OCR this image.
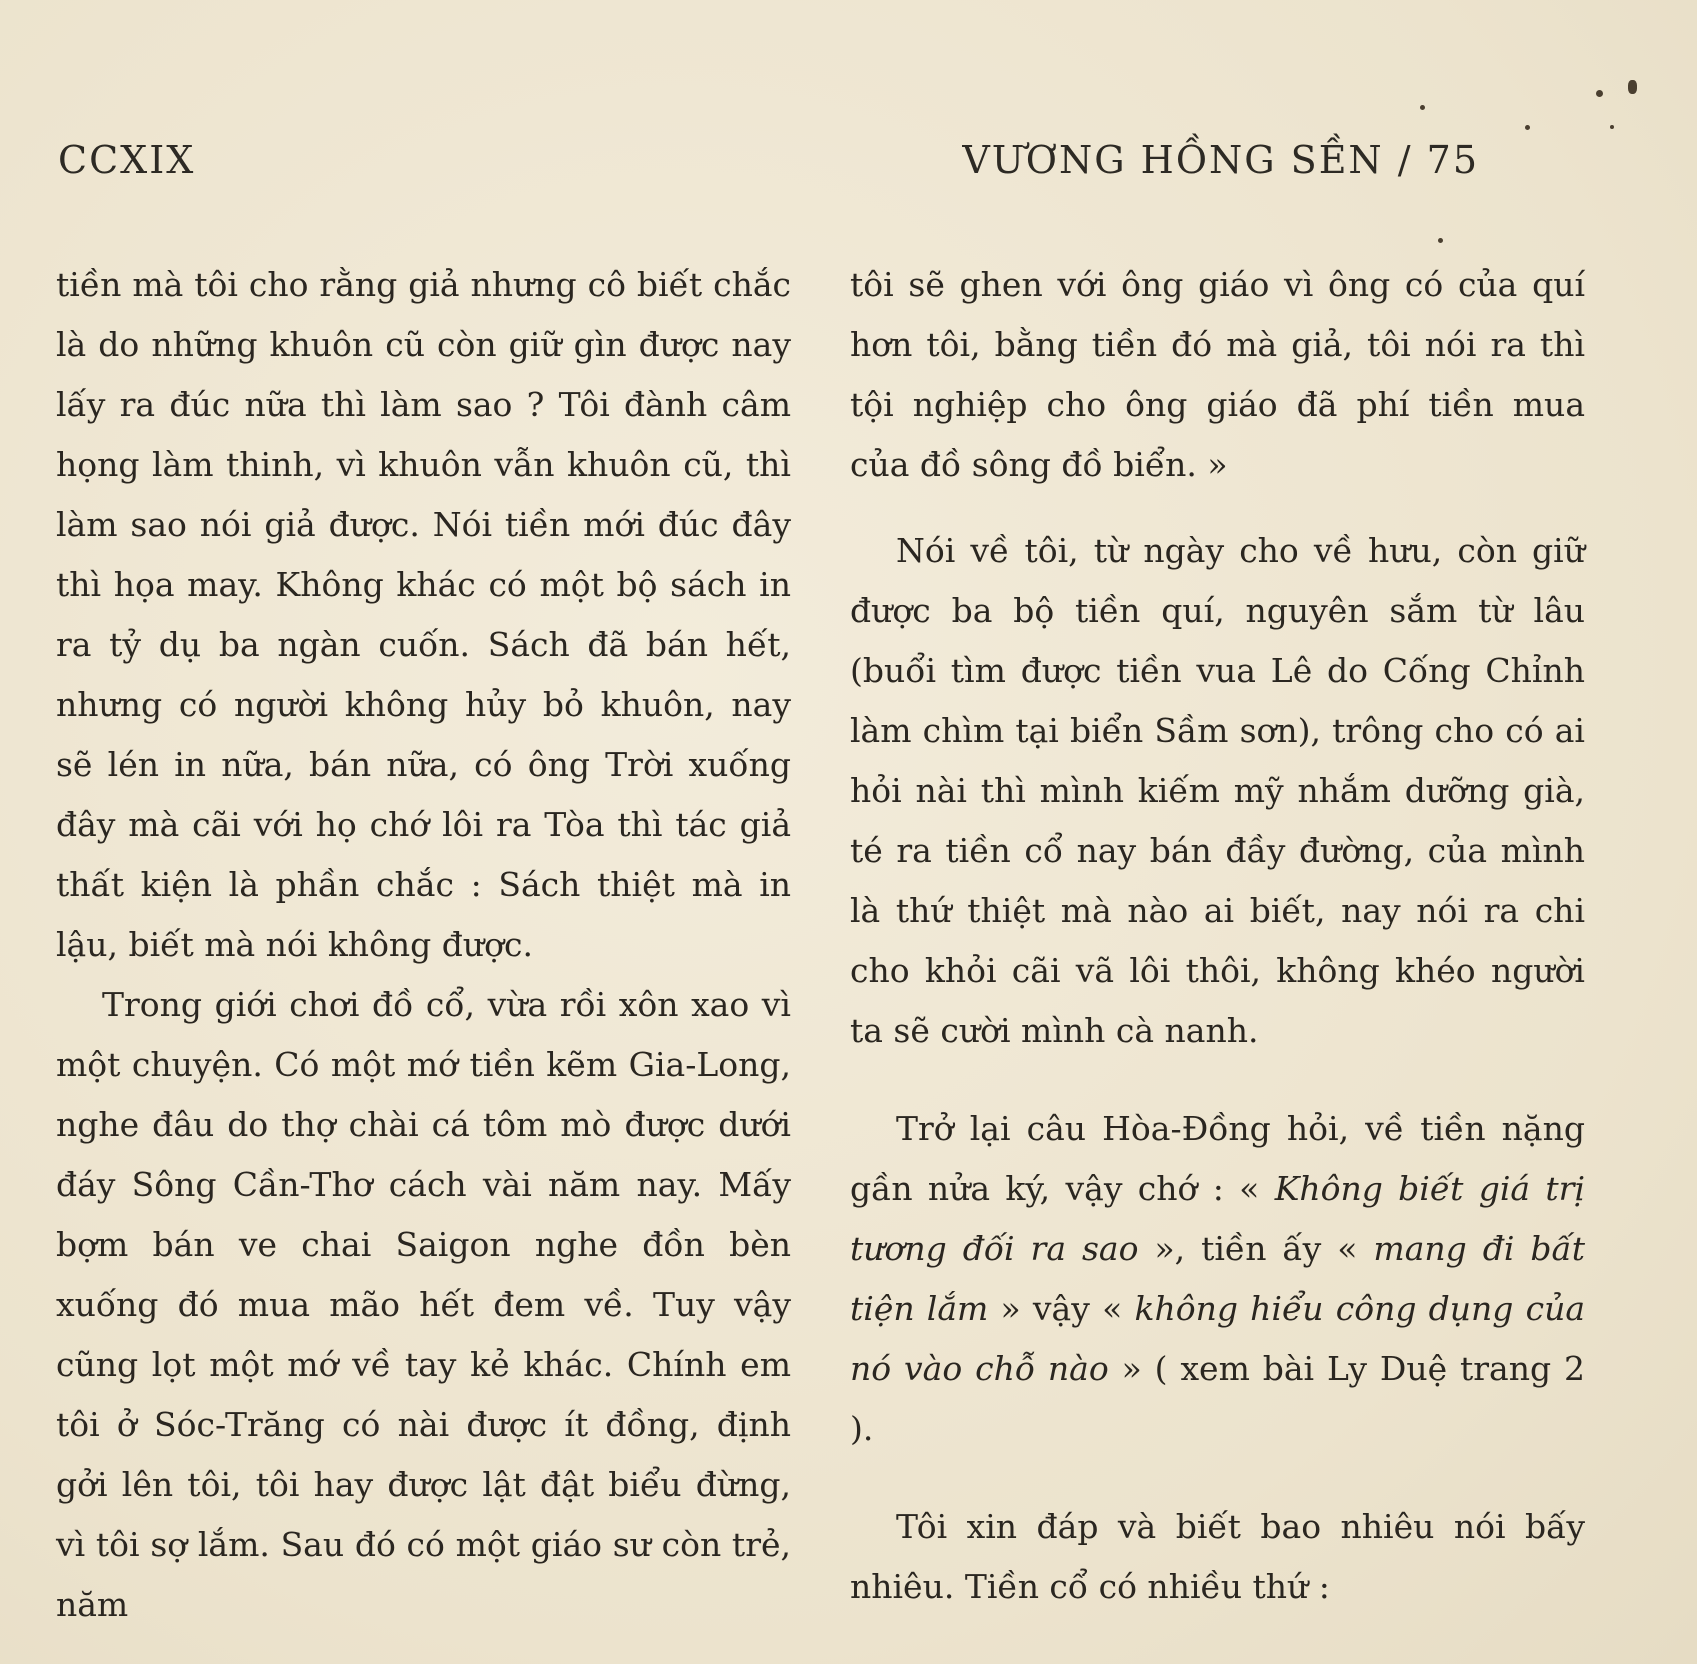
CCXIX	VƯƠNG HỒNG SỀN / 75

tiền mà tôi cho rằng giả nhưng cô biết chắc là do những khuôn cũ còn giữ gìn được nay lấy ra đúc nữa thì làm sao ? Tôi đành câm họng làm thinh, vì khuôn vẫn khuôn cũ, thì làm sao nói giả được. Nói tiền mới đúc đây thì họa may. Không khác có một bộ sách in ra tỷ dụ ba ngàn cuốn. Sách đã bán hết, nhưng có người không hủy bỏ khuôn, nay sẽ lén in nữa, bán nữa, có ông Trời xuống đây mà cãi với họ chớ lôi ra Tòa thì tác giả thất kiện là phần chắc : Sách thiệt mà in lậu, biết mà nói không được.

Trong giới chơi đồ cổ, vừa rồi xôn xao vì một chuyện. Có một mớ tiền kẽm Gia-Long, nghe đâu do thợ chài cá tôm mò được dưới đáy Sông Cần-Thơ cách vài năm nay. Mấy bợm bán ve chai Saigon nghe đồn bèn xuống đó mua mão hết đem về. Tuy vậy cũng lọt một mớ về tay kẻ khác. Chính em tôi ở Sóc-Trăng có nài được ít đồng, định gởi lên tôi, tôi hay được lật đật biểu đừng, vì tôi sợ lắm. Sau đó có một giáo sư còn trẻ, năm

tôi sẽ ghen với ông giáo vì ông có của quí hơn tôi, bằng tiền đó mà giả, tôi nói ra thì tội nghiệp cho ông giáo đã phí tiền mua của đồ sông đồ biển. »

Nói về tôi, từ ngày cho về hưu, còn giữ được ba bộ tiền quí, nguyên sắm từ lâu (buổi tìm được tiền vua Lê do Cống Chỉnh làm chìm tại biển Sầm sơn), trông cho có ai hỏi nài thì mình kiếm mỹ nhắm dưỡng già, té ra tiền cổ nay bán đầy đường, của mình là thứ thiệt mà nào ai biết, nay nói ra chi cho khỏi cãi vã lôi thôi, không khéo người ta sẽ cười mình cà nanh.

Trở lại câu Hòa-Đồng hỏi, về tiền nặng gần nửa ký, vậy chớ : « Không biết giá trị tương đối ra sao », tiền ấy « mang đi bất tiện lắm » vậy « không hiểu công dụng của nó vào chỗ nào » ( xem bài Ly Duệ trang 2 ).

Tôi xin đáp và biết bao nhiêu nói bấy nhiêu. Tiền cổ có nhiều thứ :
